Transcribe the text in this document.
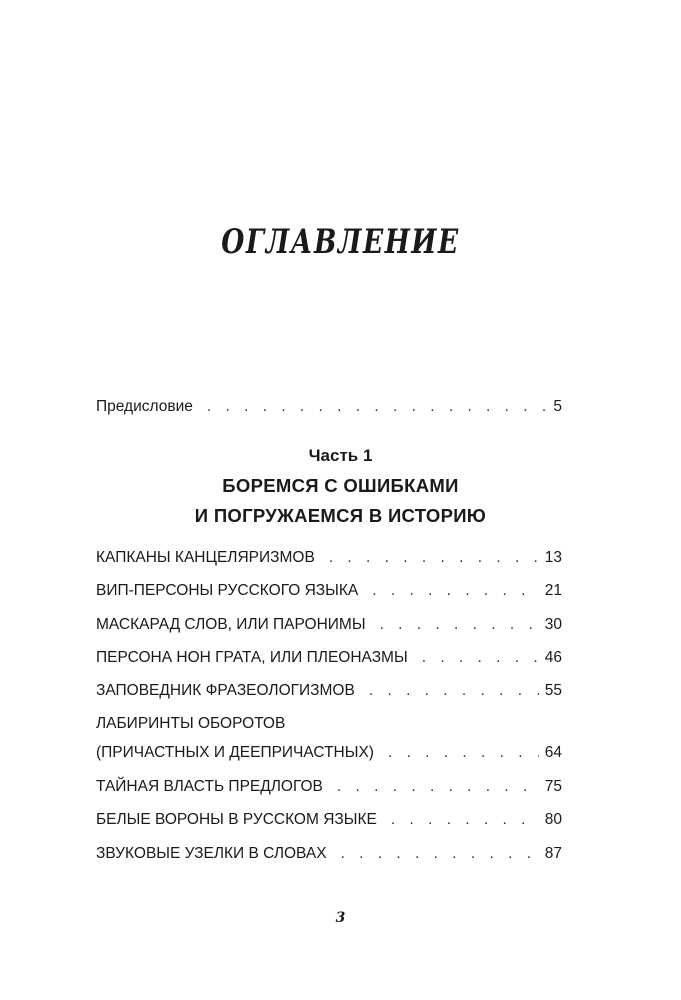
ОГЛАВЛЕНИЕ
Предисловие . . .	5
Часть 1
БОРЕМСЯ С ОШИБКАМИ
И ПОГРУЖАЕМСЯ В ИСТОРИЮ
КАПКАНЫ КАНЦЕЛЯРИЗМОВ . . .	13
ВИП-ПЕРСОНЫ РУССКОГО ЯЗЫКА . . .	21
МАСКАРАД СЛОВ, ИЛИ ПАРОНИМЫ . . .	30
ПЕРСОНА НОН ГРАТА, ИЛИ ПЛЕОНАЗМЫ . . .	46
ЗАПОВЕДНИК ФРАЗЕОЛОГИЗМОВ . . .	55
ЛАБИРИНТЫ ОБОРОТОВ
(ПРИЧАСТНЫХ И ДЕЕПРИЧАСТНЫХ) . . .	64
ТАЙНАЯ ВЛАСТЬ ПРЕДЛОГОВ . . .	75
БЕЛЫЕ ВОРОНЫ В РУССКОМ ЯЗЫКЕ . . .	80
ЗВУКОВЫЕ УЗЕЛКИ В СЛОВАХ . . .	87
3
